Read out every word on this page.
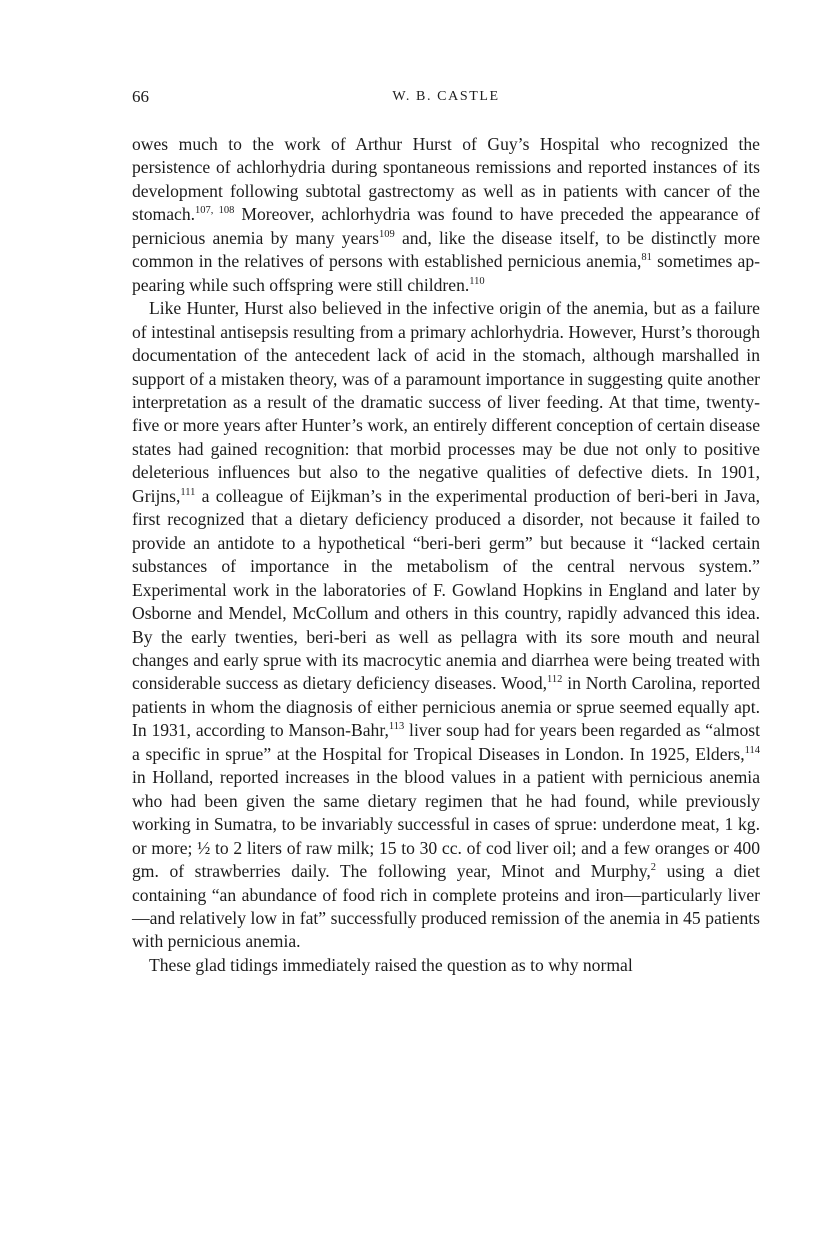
66	W. B. CASTLE

owes much to the work of Arthur Hurst of Guy’s Hospital who recognized the persistence of achlorhydria during spontaneous remissions and reported instances of its development following subtotal gastrectomy as well as in patients with cancer of the stomach.$^{107, 108}$ Moreover, achlorhydria was found to have preceded the appearance of pernicious anemia by many years$^{109}$ and, like the disease itself, to be distinctly more common in the relatives of persons with established pernicious anemia,$^{81}$ sometimes appearing while such offspring were still children.$^{110}$

Like Hunter, Hurst also believed in the infective origin of the anemia, but as a failure of intestinal antisepsis resulting from a primary achlorhydria. However, Hurst’s thorough documentation of the antecedent lack of acid in the stomach, although marshalled in support of a mistaken theory, was of a paramount importance in suggesting quite another interpretation as a result of the dramatic success of liver feeding. At that time, twenty-five or more years after Hunter’s work, an entirely different conception of certain disease states had gained recognition: that morbid processes may be due not only to positive deleterious influences but also to the negative qualities of defective diets. In 1901, Grijns,$^{111}$ a colleague of Eijkman’s in the experimental production of beri-beri in Java, first recognized that a dietary deficiency produced a disorder, not because it failed to provide an antidote to a hypothetical “beri-beri germ” but because it “lacked certain substances of importance in the metabolism of the central nervous system.” Experimental work in the laboratories of F. Gowland Hopkins in England and later by Osborne and Mendel, McCollum and others in this country, rapidly advanced this idea. By the early twenties, beri-beri as well as pellagra with its sore mouth and neural changes and early sprue with its macrocytic anemia and diarrhea were being treated with considerable success as dietary deficiency diseases. Wood,$^{112}$ in North Carolina, reported patients in whom the diagnosis of either pernicious anemia or sprue seemed equally apt. In 1931, according to Manson-Bahr,$^{113}$ liver soup had for years been regarded as “almost a specific in sprue” at the Hospital for Tropical Diseases in London. In 1925, Elders,$^{114}$ in Holland, reported increases in the blood values in a patient with pernicious anemia who had been given the same dietary regimen that he had found, while previously working in Sumatra, to be invariably successful in cases of sprue: underdone meat, 1 kg. or more; ½ to 2 liters of raw milk; 15 to 30 cc. of cod liver oil; and a few oranges or 400 gm. of strawberries daily. The following year, Minot and Murphy,$^2$ using a diet containing “an abundance of food rich in complete proteins and iron—particularly liver—and relatively low in fat” successfully produced remission of the anemia in 45 patients with pernicious anemia.

These glad tidings immediately raised the question as to why normal
